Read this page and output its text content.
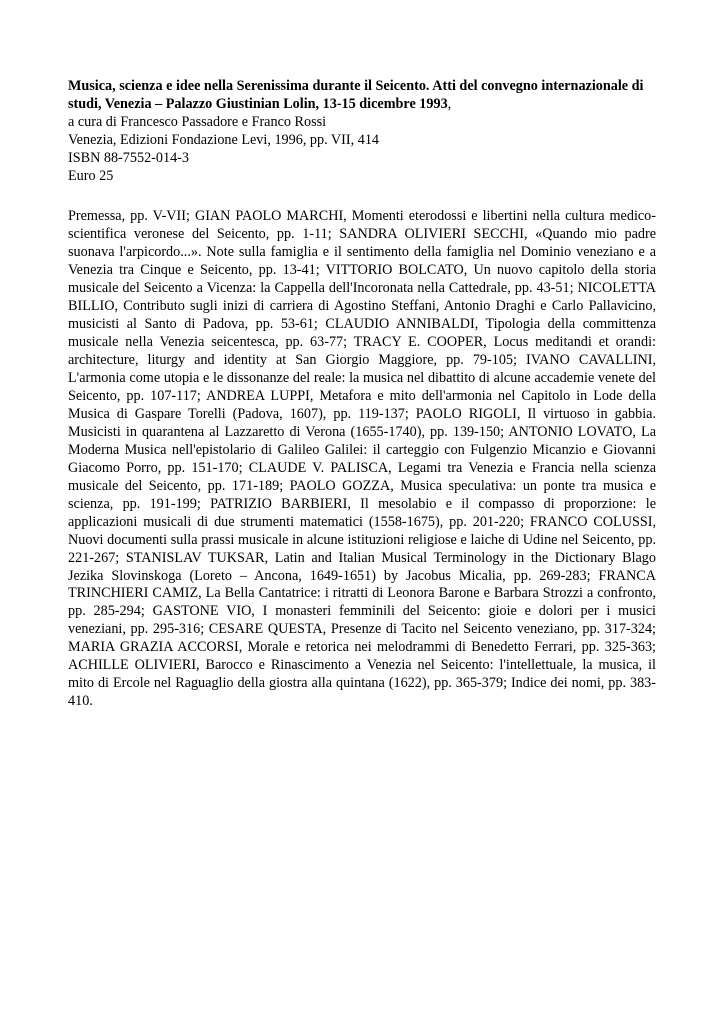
Musica, scienza e idee nella Serenissima durante il Seicento. Atti del convegno internazionale di studi, Venezia – Palazzo Giustinian Lolin, 13-15 dicembre 1993,
a cura di Francesco Passadore e Franco Rossi
Venezia, Edizioni Fondazione Levi, 1996, pp. VII, 414
ISBN 88-7552-014-3
Euro 25

Premessa, pp. V-VII; GIAN PAOLO MARCHI, Momenti eterodossi e libertini nella cultura medico-scientifica veronese del Seicento, pp. 1-11; SANDRA OLIVIERI SECCHI, «Quando mio padre suonava l'arpicordo...». Note sulla famiglia e il sentimento della famiglia nel Dominio veneziano e a Venezia tra Cinque e Seicento, pp. 13-41; VITTORIO BOLCATO, Un nuovo capitolo della storia musicale del Seicento a Vicenza: la Cappella dell'Incoronata nella Cattedrale, pp. 43-51; NICOLETTA BILLIO, Contributo sugli inizi di carriera di Agostino Steffani, Antonio Draghi e Carlo Pallavicino, musicisti al Santo di Padova, pp. 53-61; CLAUDIO ANNIBALDI, Tipologia della committenza musicale nella Venezia seicentesca, pp. 63-77; TRACY E. COOPER, Locus meditandi et orandi: architecture, liturgy and identity at San Giorgio Maggiore, pp. 79-105; IVANO CAVALLINI, L'armonia come utopia e le dissonanze del reale: la musica nel dibattito di alcune accademie venete del Seicento, pp. 107-117; ANDREA LUPPI, Metafora e mito dell'armonia nel Capitolo in Lode della Musica di Gaspare Torelli (Padova, 1607), pp. 119-137; PAOLO RIGOLI, Il virtuoso in gabbia. Musicisti in quarantena al Lazzaretto di Verona (1655-1740), pp. 139-150; ANTONIO LOVATO, La Moderna Musica nell'epistolario di Galileo Galilei: il carteggio con Fulgenzio Micanzio e Giovanni Giacomo Porro, pp. 151-170; CLAUDE V. PALISCA, Legami tra Venezia e Francia nella scienza musicale del Seicento, pp. 171-189; PAOLO GOZZA, Musica speculativa: un ponte tra musica e scienza, pp. 191-199; PATRIZIO BARBIERI, Il mesolabio e il compasso di proporzione: le applicazioni musicali di due strumenti matematici (1558-1675), pp. 201-220; FRANCO COLUSSI, Nuovi documenti sulla prassi musicale in alcune istituzioni religiose e laiche di Udine nel Seicento, pp. 221-267; STANISLAV TUKSAR, Latin and Italian Musical Terminology in the Dictionary Blago Jezika Slovinskoga (Loreto – Ancona, 1649-1651) by Jacobus Micalia, pp. 269-283; FRANCA TRINCHIERI CAMIZ, La Bella Cantatrice: i ritratti di Leonora Barone e Barbara Strozzi a confronto, pp. 285-294; GASTONE VIO, I monasteri femminili del Seicento: gioie e dolori per i musici veneziani, pp. 295-316; CESARE QUESTA, Presenze di Tacito nel Seicento veneziano, pp. 317-324; MARIA GRAZIA ACCORSI, Morale e retorica nei melodrammi di Benedetto Ferrari, pp. 325-363; ACHILLE OLIVIERI, Barocco e Rinascimento a Venezia nel Seicento: l'intellettuale, la musica, il mito di Ercole nel Raguaglio della giostra alla quintana (1622), pp. 365-379; Indice dei nomi, pp. 383-410.
